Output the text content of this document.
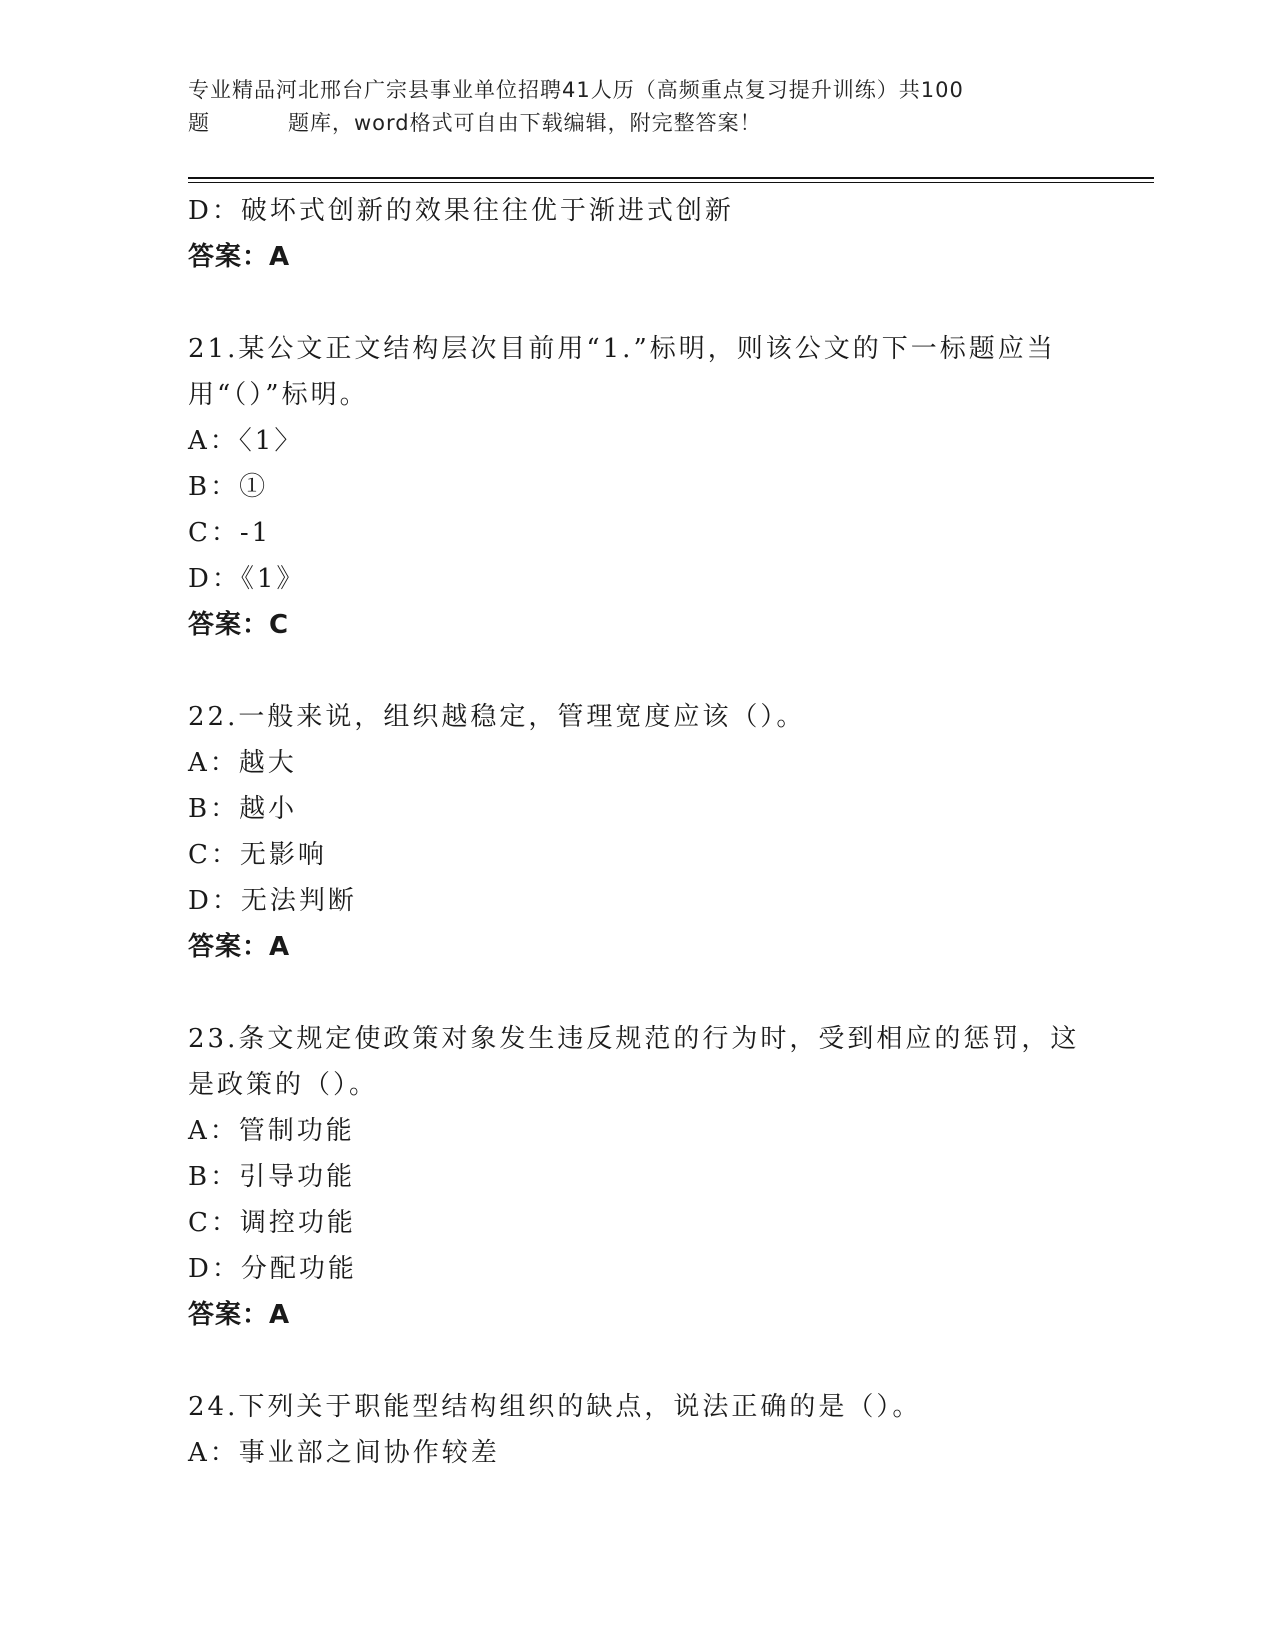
专业精品河北邢台广宗县事业单位招聘41人历（高频重点复习提升训练）共100
题	题库，word格式可自由下载编辑，附完整答案！

D：破坏式创新的效果往往优于渐进式创新

答案：A

21.某公文正文结构层次目前用“1.”标明，则该公文的下一标题应当

用“（）”标明。

A：〈1〉

B：①

C：-1

D：《1》

答案：C

22.一般来说，组织越稳定，管理宽度应该（）。

A：越大

B：越小

C：无影响

D：无法判断

答案：A

23.条文规定使政策对象发生违反规范的行为时，受到相应的惩罚，这

是政策的（）。

A：管制功能

B：引导功能

C：调控功能

D：分配功能

答案：A

24.下列关于职能型结构组织的缺点，说法正确的是（）。

A：事业部之间协作较差
